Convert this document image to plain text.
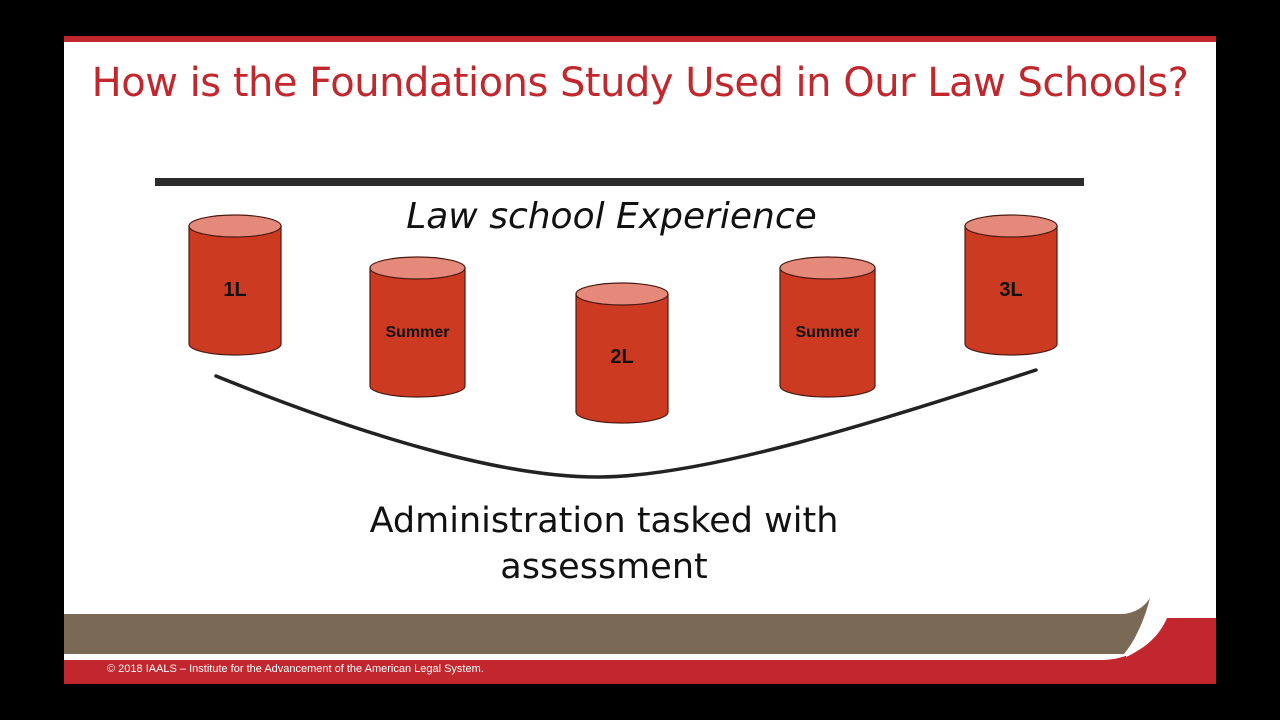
How is the Foundations Study Used in Our Law Schools?
Law school Experience
1L
Summer
2L
Summer
3L
Administration tasked with
assessment
© 2018 IAALS – Institute for the Advancement of the American Legal System.
